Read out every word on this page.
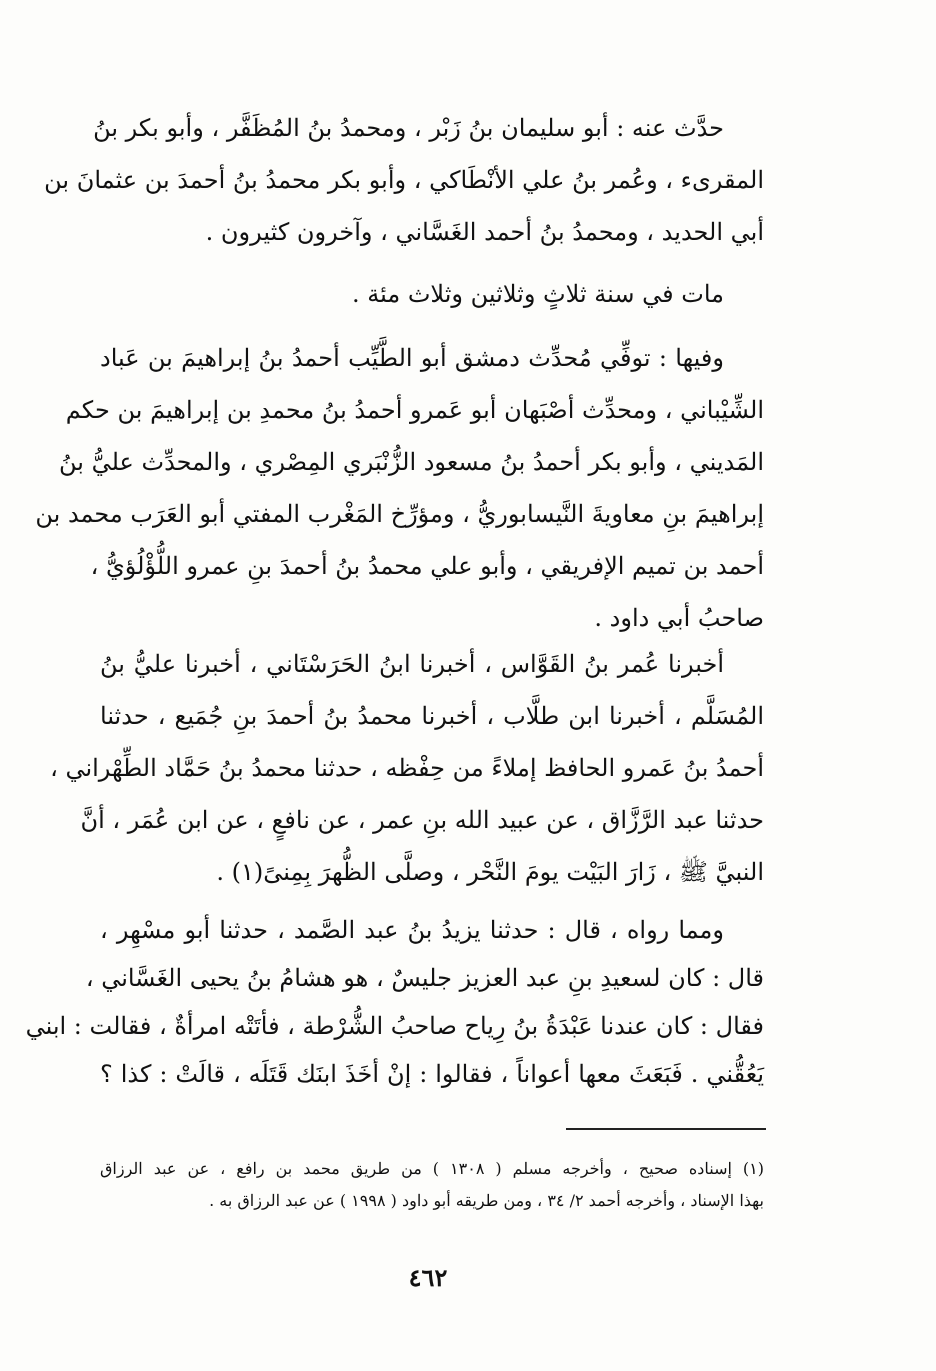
حدَّث عنه : أبو سليمان بنُ زَبْر ، ومحمدُ بنُ المُظَفَّر ، وأبو بكر بنُ
المقرىء ، وعُمر بنُ علي الأنْطَاكي ، وأبو بكر محمدُ بنُ أحمدَ بن عثمانَ بن
أبي الحديد ، ومحمدُ بنُ أحمد الغَسَّاني ، وآخرون كثيرون .
مات في سنة ثلاثٍ وثلاثين وثلاث مئة .
وفيها : توفِّي مُحدِّث دمشق أبو الطَّيِّب أحمدُ بنُ إبراهيمَ بن عَباد
الشِّيْباني ، ومحدِّث أصْبَهان أبو عَمرو أحمدُ بنُ محمدِ بن إبراهيمَ بن حكم
المَديني ، وأبو بكر أحمدُ بنُ مسعود الزُّنْبَري المِصْري ، والمحدِّث عليُّ بنُ
إبراهيمَ بنِ معاويةَ النَّيسابوريُّ ، ومؤرِّخ المَغْرب المفتي أبو العَرَب محمد بن
أحمد بن تميم الإفريقي ، وأبو علي محمدُ بنُ أحمدَ بنِ عمرو اللُّؤْلُؤيُّ ،
صاحبُ أبي داود .
أخبرنا عُمر بنُ القَوَّاس ، أخبرنا ابنُ الحَرَسْتَاني ، أخبرنا عليُّ بنُ
المُسَلَّم ، أخبرنا ابن طلَّاب ، أخبرنا محمدُ بنُ أحمدَ بنِ جُمَيع ، حدثنا
أحمدُ بنُ عَمرو الحافظ إملاءً من حِفْظه ، حدثنا محمدُ بنُ حَمَّاد الطِّهْراني ،
حدثنا عبد الرَّزَّاق ، عن عبيد الله بنِ عمر ، عن نافعٍ ، عن ابن عُمَر ، أنَّ
النبيَّ ﷺ ، زَارَ البَيْت يومَ النَّحْر ، وصلَّى الظُّهرَ بِمِنىً(١) .
ومما رواه ، قال : حدثنا يزيدُ بنُ عبد الصَّمد ، حدثنا أبو مسْهِر ،
قال : كان لسعيدِ بنِ عبد العزيز جليسٌ ، هو هشامُ بنُ يحيى الغَسَّاني ،
فقال : كان عندنا عَبْدَةُ بنُ رِياح صاحبُ الشُّرْطة ، فأتَتْه امرأةٌ ، فقالت : ابني
يَعُقُّني . فَبَعَثَ معها أعواناً ، فقالوا : إنْ أخَذَ ابنَك قَتَلَه ، قالَتْ : كذا ؟
(١) إسناده صحيح ، وأخرجه مسلم ( ١٣٠٨ ) من طريق محمد بن رافع ، عن عبد الرزاق
بهذا الإسناد ، وأخرجه أحمد ٢/ ٣٤ ، ومن طريقه أبو داود ( ١٩٩٨ ) عن عبد الرزاق به .
٤٦٢
